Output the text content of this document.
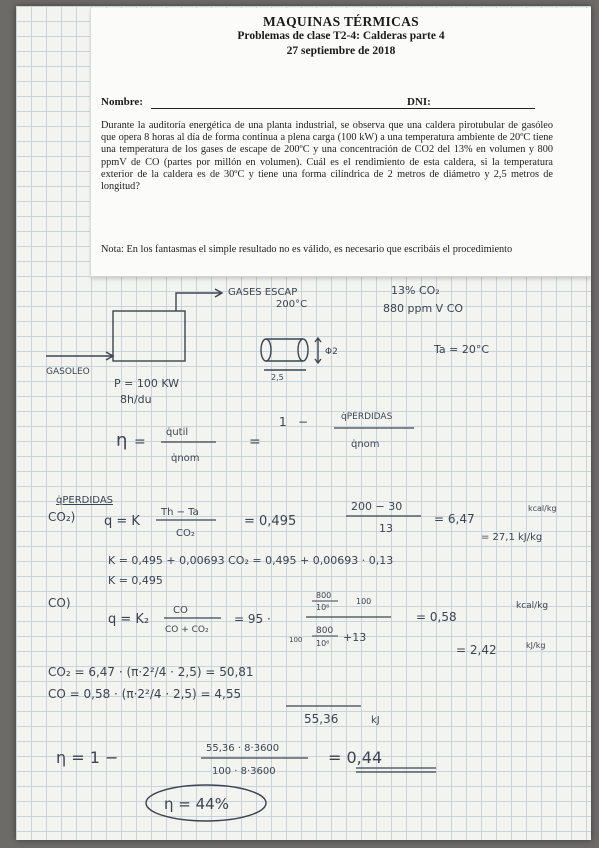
MAQUINAS TÉRMICAS
Problemas de clase T2-4: Calderas parte 4
27 septiembre de 2018
Nombre:	DNI:
Durante la auditoría energética de una planta industrial, se observa que una caldera pirotubular de gasóleo que opera 8 horas al día de forma continua a plena carga (100 kW) a una temperatura ambiente de 20ºC tiene una temperatura de los gases de escape de 200ºC y una concentración de CO2 del 13% en volumen y 800 ppmV de CO (partes por millón en volumen). Cuál es el rendimiento de esta caldera, si la temperatura exterior de la caldera es de 30ºC y tiene una forma cilíndrica de 2 metros de diámetro y 2,5 metros de longitud?
Nota: En los fantasmas el simple resultado no es válido, es necesario que escribáis el procedimiento
GASES ESCAP
200°C
13% CO₂
880 ppm V CO
Ta = 20°C
Φ2
2,5
GASOLEO
P = 100 KW
8h/du
η =
q̇util
q̇nom
=
1 −	q̇PERDIDAS
q̇nom
q̇PERDIDAS
CO₂) q = K
Th − Ta
CO₂
= 0,495
200 − 30
13
= 6,47
kcal/kg
= 27,1 kJ/kg
K = 0,495 + 0,00693 CO₂ = 0,495 + 0,00693 · 0,13
K = 0,495
CO)
q = K₂
CO
CO + CO₂
= 95 ·
800
10⁶
100
100
800
10⁶ +13
= 0,58
kcal/kg
= 2,42	kJ/kg
CO₂ = 6,47 · (π·2²/4 · 2,5) = 50,81
CO = 0,58 · (π·2²/4 · 2,5) = 4,55
55,36	kJ
η = 1 −	55,36 · 8·3600
100 · 8·3600
= 0,44
η = 44%
